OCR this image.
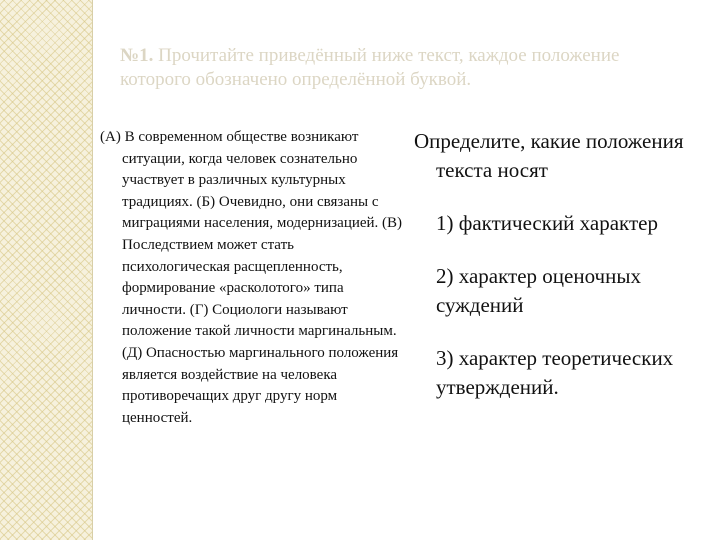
№1. Прочитайте приведённый ниже текст, каждое положение которого обозначено определённой буквой.

(А) В современном обществе возникают ситуации, когда человек сознательно участвует в различных культурных традициях. (Б) Очевидно, они связаны с миграциями населения, модернизацией. (В) Последствием может стать психологическая расщепленность, формирование «расколотого» типа личности. (Г) Социологи называют положение такой личности маргинальным. (Д) Опасностью маргинального положения является воздействие на человека противоречащих друг другу норм ценностей.

Определите, какие положения текста носят

1) фактический характер

2) характер оценочных суждений

3) характер теоретических утверждений.
